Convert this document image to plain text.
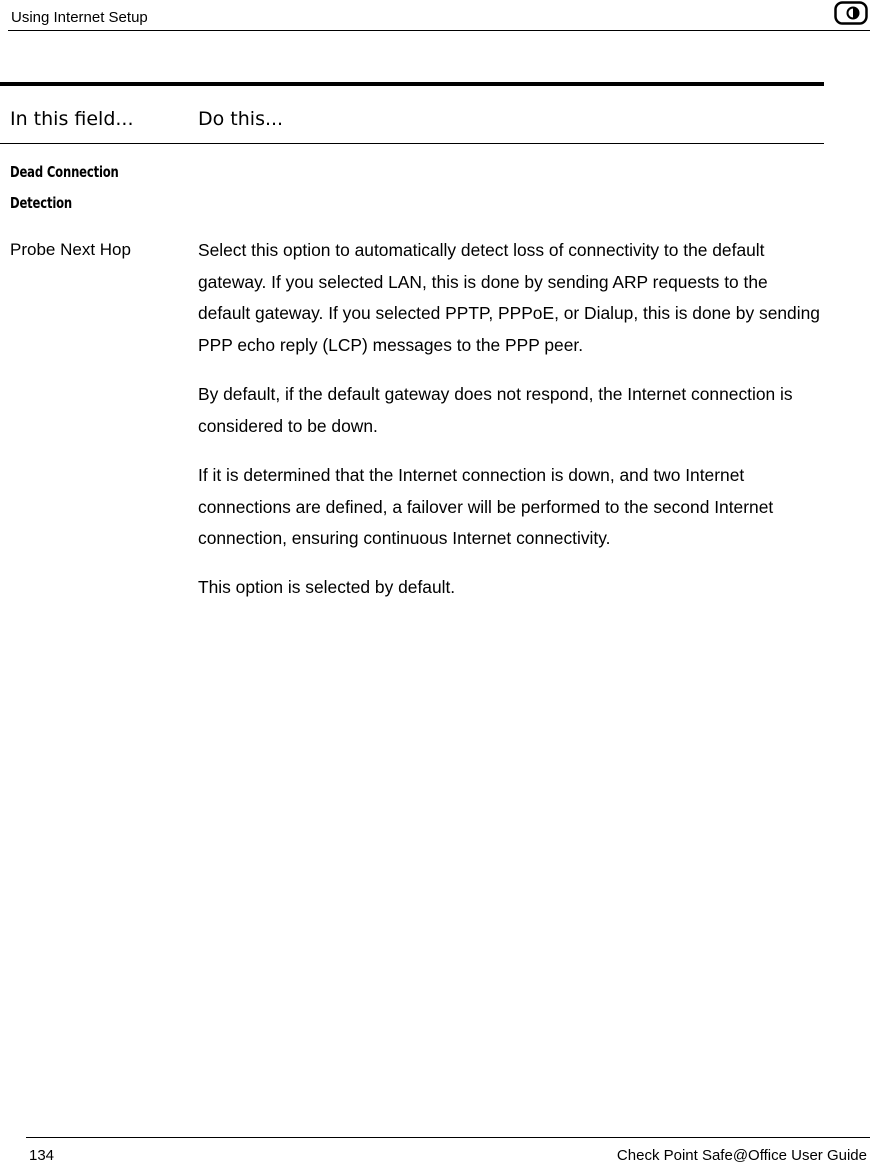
Using Internet Setup
In this field...	Do this...
Dead Connection Detection
Probe Next Hop	Select this option to automatically detect loss of connectivity to the default gateway. If you selected LAN, this is done by sending ARP requests to the default gateway. If you selected PPTP, PPPoE, or Dialup, this is done by sending PPP echo reply (LCP) messages to the PPP peer.

By default, if the default gateway does not respond, the Internet connection is considered to be down.

If it is determined that the Internet connection is down, and two Internet connections are defined, a failover will be performed to the second Internet connection, ensuring continuous Internet connectivity.

This option is selected by default.

134	Check Point Safe@Office User Guide
